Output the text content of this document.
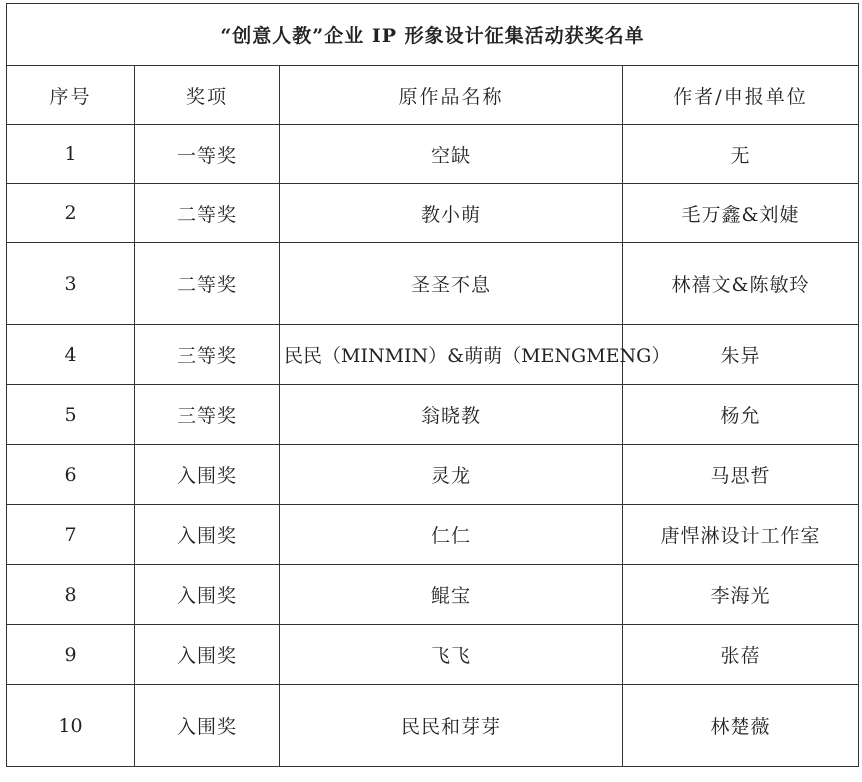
“创意人教”企业 IP 形象设计征集活动获奖名单			
序号	奖项	原作品名称	作者/申报单位
1	一等奖	空缺	无
2	二等奖	教小萌	毛万鑫&刘婕
3	二等奖	圣圣不息	林禧文&陈敏玲
4	三等奖	民民（MINMIN）&萌萌（MENGMENG）	朱异
5	三等奖	翁晓教	杨允
6	入围奖	灵龙	马思哲
7	入围奖	仁仁	唐悍淋设计工作室
8	入围奖	鲲宝	李海光
9	入围奖	飞飞	张蓓
10	入围奖	民民和芽芽	林楚薇
